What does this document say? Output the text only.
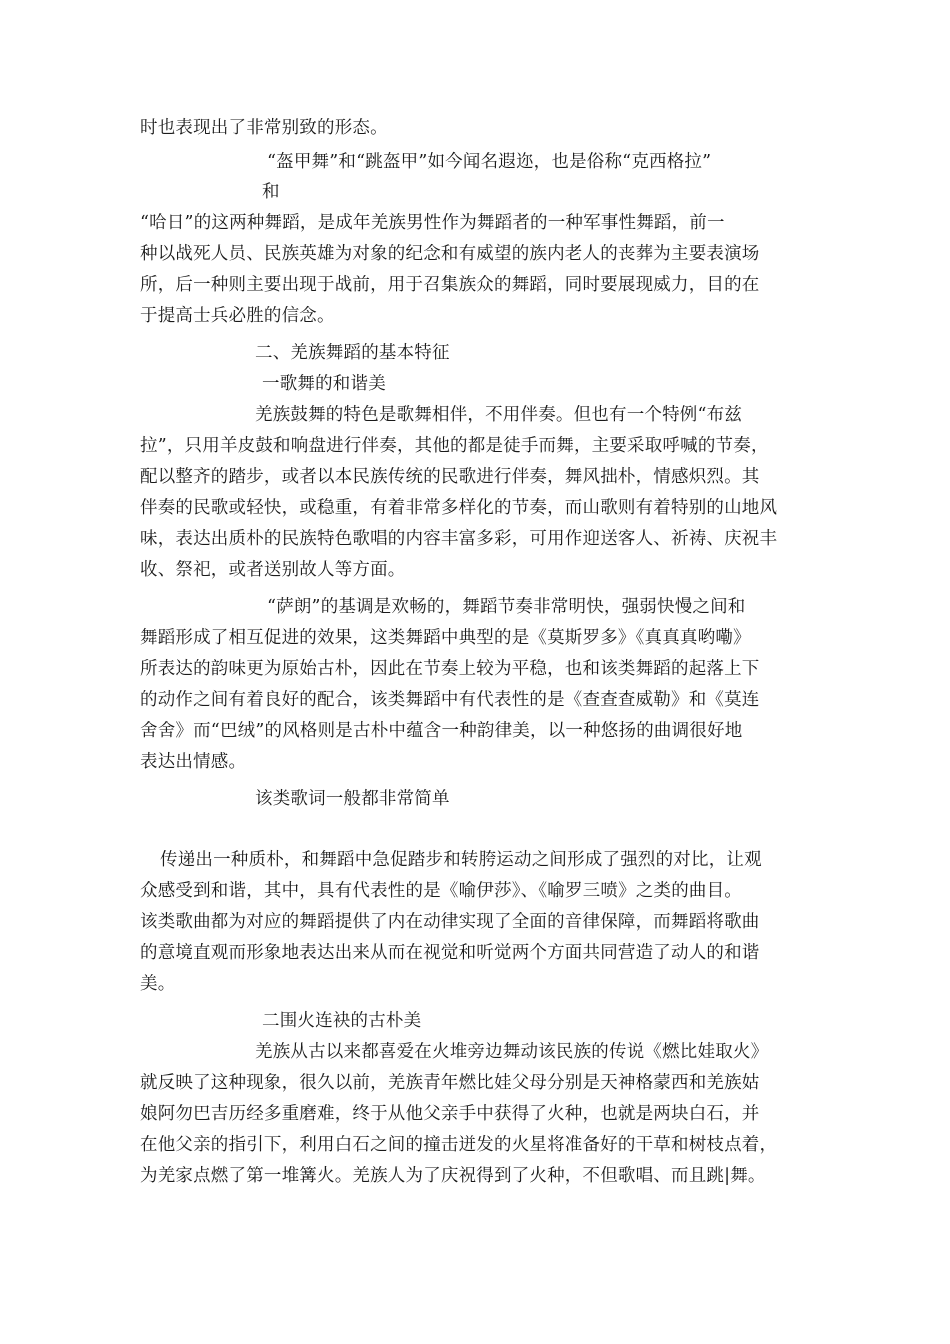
时也表现出了非常别致的形态。
“盔甲舞”和“跳盔甲”如今闻名遐迩，也是俗称“克西格拉”
和
“哈日”的这两种舞蹈，是成年羌族男性作为舞蹈者的一种军事性舞蹈，前一
种以战死人员、民族英雄为对象的纪念和有威望的族内老人的丧葬为主要表演场
所，后一种则主要出现于战前，用于召集族众的舞蹈，同时要展现威力，目的在
于提高士兵必胜的信念。
二、羌族舞蹈的基本特征
一歌舞的和谐美
羌族鼓舞的特色是歌舞相伴，不用伴奏。但也有一个特例“布兹
拉”，只用羊皮鼓和响盘进行伴奏，其他的都是徒手而舞，主要采取呼喊的节奏，
配以整齐的踏步，或者以本民族传统的民歌进行伴奏，舞风拙朴，情感炽烈。其
伴奏的民歌或轻快，或稳重，有着非常多样化的节奏，而山歌则有着特别的山地风
味，表达出质朴的民族特色歌唱的内容丰富多彩，可用作迎送客人、祈祷、庆祝丰
收、祭祀，或者送别故人等方面。
“萨朗”的基调是欢畅的，舞蹈节奏非常明快，强弱快慢之间和
舞蹈形成了相互促进的效果，这类舞蹈中典型的是《莫斯罗多》《真真真哟嘞》
所表达的韵味更为原始古朴，因此在节奏上较为平稳，也和该类舞蹈的起落上下
的动作之间有着良好的配合，该类舞蹈中有代表性的是《查查查威勒》和《莫连
舍舍》而“巴绒”的风格则是古朴中蕴含一种韵律美，以一种悠扬的曲调很好地
表达出情感。
该类歌词一般都非常简单
传递出一种质朴，和舞蹈中急促踏步和转胯运动之间形成了强烈的对比，让观
众感受到和谐，其中，具有代表性的是《喻伊莎》、《喻罗三喷》之类的曲目。
该类歌曲都为对应的舞蹈提供了内在动律实现了全面的音律保障，而舞蹈将歌曲
的意境直观而形象地表达出来从而在视觉和听觉两个方面共同营造了动人的和谐
美。
二围火连袂的古朴美
羌族从古以来都喜爱在火堆旁边舞动该民族的传说《燃比娃取火》
就反映了这种现象，很久以前，羌族青年燃比娃父母分别是天神格蒙西和羌族姑
娘阿勿巴吉历经多重磨难，终于从他父亲手中获得了火种，也就是两块白石，并
在他父亲的指引下，利用白石之间的撞击迸发的火星将准备好的干草和树枝点着，
为羌家点燃了第一堆篝火。羌族人为了庆祝得到了火种，不但歌唱、而且跳|舞。
